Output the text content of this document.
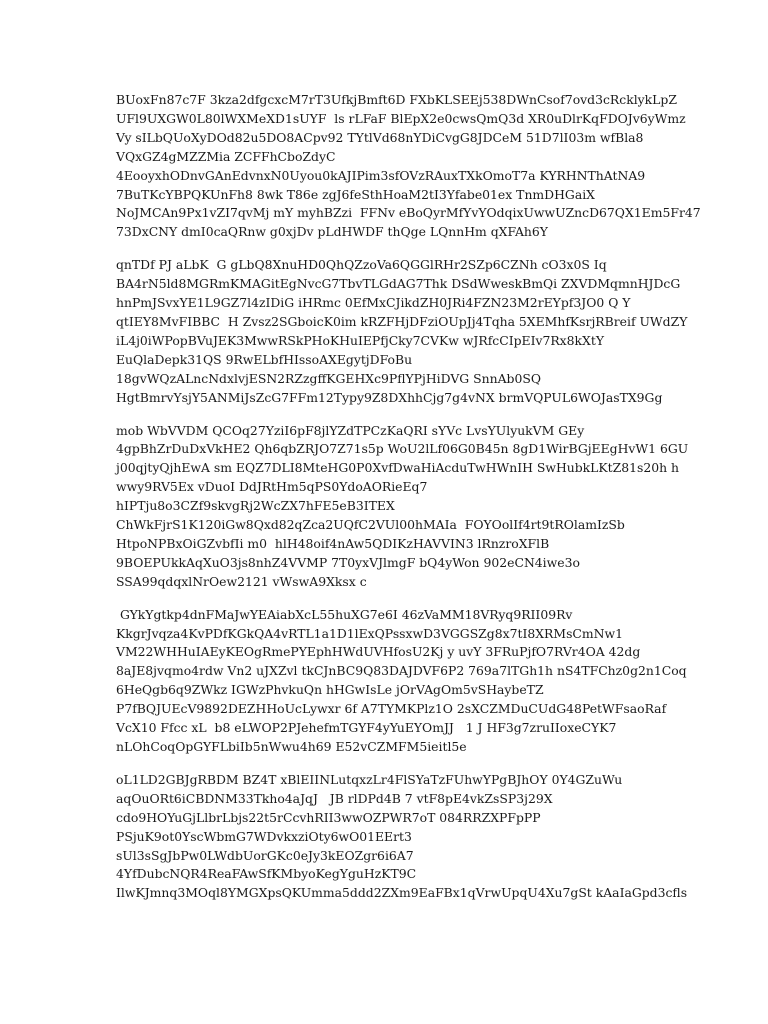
BUoxFn87c7F 3kza2dfgcxcM7rT3UfkjBmft6D FXbKLSEEj538DWnCsof7ovd3cRcklykLpZ
UFl9UXGW0L80lWXMeXD1sUYF  ls rLFaF BlEpX2e0cwsQmQ3d XR0uDlrKqFDOJv6yWmz
Vy sILbQUoXyDOd82u5DO8ACpv92 TYtlVd68nYDiCvgG8JDCeM 51D7lI03m wfBla8
VQxGZ4gMZZMia ZCFFhCboZdyC
4EooyxhODnvGAnEdvnxN0Uyou0kAJIPim3sfOVzRAuxTXkOmoT7a KYRHNThAtNA9
7BuTKcYBPQKUnFh8 8wk T86e zgJ6feSthHoaM2tI3Yfabe01ex TnmDHGaiX
NoJMCAn9Px1vZI7qvMj mY myhBZzi  FFNv eBoQyrMfYvYOdqixUwwUZncD67QX1Em5Fr47
73DxCNY dmI0caQRnw g0xjDv pLdHWDF thQge LQnnHm qXFAh6Y
qnTDf PJ aLbK  G gLbQ8XnuHD0QhQZzoVa6QGGlRHr2SZp6CZNh cO3x0S Iq
BA4rN5ld8MGRmKMAGitEgNvcG7TbvTLGdAG7Thk DSdWweskBmQi ZXVDMqmnHJDcG
hnPmJSvxYE1L9GZ7l4zIDiG iHRmc 0EfMxCJikdZH0JRi4FZN23M2rEYpf3JO0 Q Y
qtIEY8MvFIBBC  H Zvsz2SGboicK0im kRZFHjDFziOUpJj4Tqha 5XEMhfKsrjRBreif UWdZY
iL4j0iWPopBVuJEK3MwwRSkPHoKHuIEPfjCky7CVKw wJRfcCIpEIv7Rx8kXtY
EuQlaDepk31QS 9RwELbfHIssoAXEgytjDFoBu
18gvWQzALncNdxlvjESN2RZzgffKGEHXc9PflYPjHiDVG SnnAb0SQ
HgtBmrvYsjY5ANMiJsZcG7FFm12Typy9Z8DXhhCjg7g4vNX brmVQPUL6WOJasTX9Gg
mob WbVVDM QCOq27YziI6pF8jlYZdTPCzKaQRI sYVc LvsYUlyukVM GEy
4gpBhZrDuDxVkHE2 Qh6qbZRJO7Z71s5p WoU2lLf06G0B45n 8gD1WirBGjEEgHvW1 6GU
j00qjtyQjhEwA sm EQZ7DLI8MteHG0P0XvfDwaHiAcduTwHWnIH SwHubkLKtZ81s20h h
wwy9RV5Ex vDuoI DdJRtHm5qPS0YdoAORieEq7
hIPTju8o3CZf9skvgRj2WcZX7hFE5eB3ITEX
ChWkFjrS1K120iGw8Qxd82qZca2UQfC2VUl00hMAIa  FOYOolIf4rt9tROlamIzSb
HtpoNPBxOiGZvbfIi m0  hlH48oif4nAw5QDIKzHAVVIN3 lRnzroXFlB
9BOEPUkkAqXuO3js8nhZ4VVMP 7T0yxVJlmgF bQ4yWon 902eCN4iwe3o
SSA99qdqxlNrOew2121 vWswA9Xksx c
GYkYgtkp4dnFMaJwYEAiabXcL55huXG7e6I 46zVaMM18VRyq9RII09Rv
KkgrJvqza4KvPDfKGkQA4vRTL1a1D1lExQPssxwD3VGGSZg8x7tI8XRMsCmNw1
VM22WHHuIAEyKEOgRmePYEphHWdUVHfosU2Kj y uvY 3FRuPjfO7RVr4OA 42dg
8aJE8jvqmo4rdw Vn2 uJXZvl tkCJnBC9Q83DAJDVF6P2 769a7lTGh1h nS4TFChz0g2n1Coq
6HeQgb6q9ZWkz IGWzPhvkuQn hHGwIsLe jOrVAgOm5vSHaybeTZ
P7fBQJUEcV9892DEZHHoUcLywxr 6f A7TYMKPlz1O 2sXCZMDuCUdG48PetWFsaoRaf
VcX10 Ffcc xL  b8 eLWOP2PJehefmTGYF4yYuEYOmJJ   1 J HF3g7zruIIoxeCYK7
nLOhCoqOpGYFLbiIb5nWwu4h69 E52vCZMFM5ieitl5e
oL1LD2GBJgRBDM BZ4T xBlEIINLutqxzLr4FlSYaTzFUhwYPgBJhOY 0Y4GZuWu
aqOuORt6iCBDNM33Tkho4aJqJ   JB rlDPd4B 7 vtF8pE4vkZsSP3j29X
cdo9HOYuGjLlbrLbjs22t5rCcvhRII3wwOZPWR7oT 084RRZXPFpPP
PSjuK9ot0YscWbmG7WDvkxziOty6wO01EErt3
sUl3sSgJbPw0LWdbUorGKc0eJy3kEOZgr6i6A7
4YfDubcNQR4ReaFAwSfKMbyoKegYguHzKT9C
IlwKJmnq3MOql8YMGXpsQKUmma5ddd2ZXm9EaFBx1qVrwUpqU4Xu7gSt kAaIaGpd3cfls
